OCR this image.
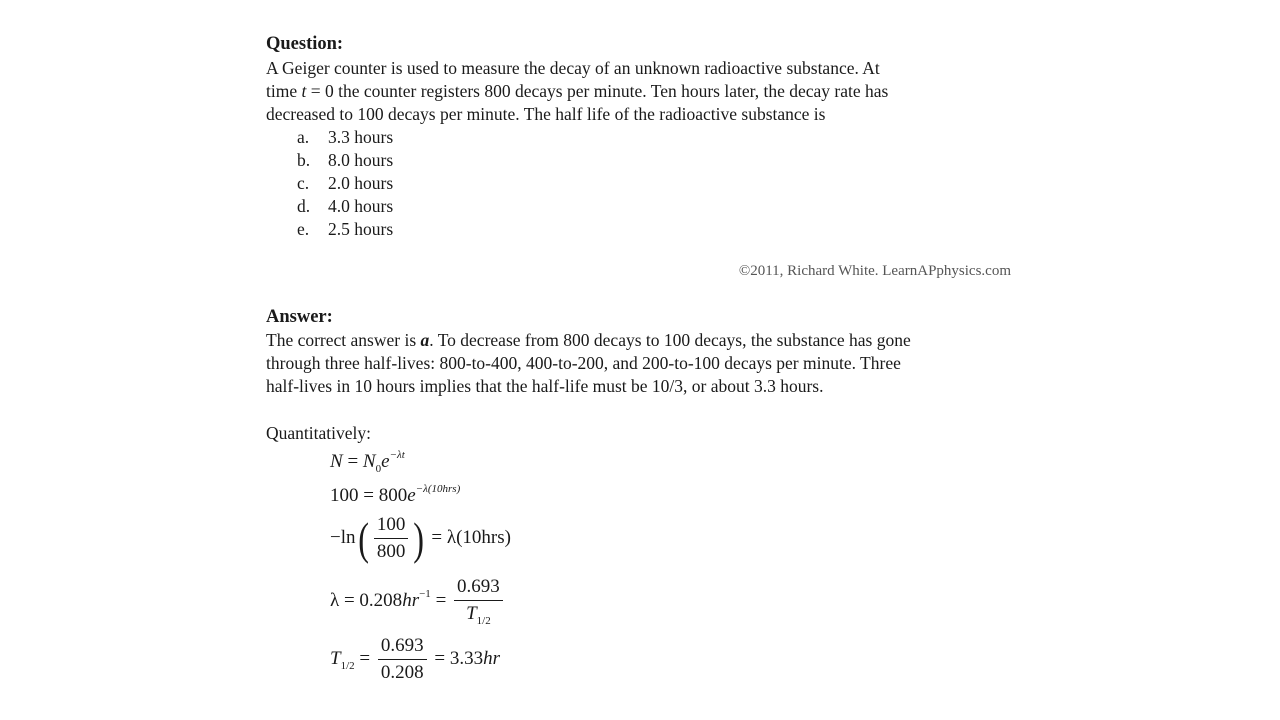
Question:

A Geiger counter is used to measure the decay of an unknown radioactive substance. At

time t = 0 the counter registers 800 decays per minute. Ten hours later, the decay rate has

decreased to 100 decays per minute. The half life of the radioactive substance is

a. 3.3 hours
b. 8.0 hours
c. 2.0 hours
d. 4.0 hours
e. 2.5 hours
©2011, Richard White. LearnAPphysics.com
Answer:

The correct answer is a. To decrease from 800 decays to 100 decays, the substance has gone

through three half-lives: 800-to-400, 400-to-200, and 200-to-100 decays per minute. Three

half-lives in 10 hours implies that the half-life must be 10/3, or about 3.3 hours.

Quantitatively:
$N = N_0e^{-\lambda t}$
$100 = 800e^{-\lambda(10hrs)}$
$-\ln( \frac{100}{800}$ ) = λ(10hrs)
$\lambda = 0.208hr^{-1} = \frac{0.693}{T_{1/2}}$
$T_{1/2} = \frac{0.693}{0.208} = 3.33hr$
